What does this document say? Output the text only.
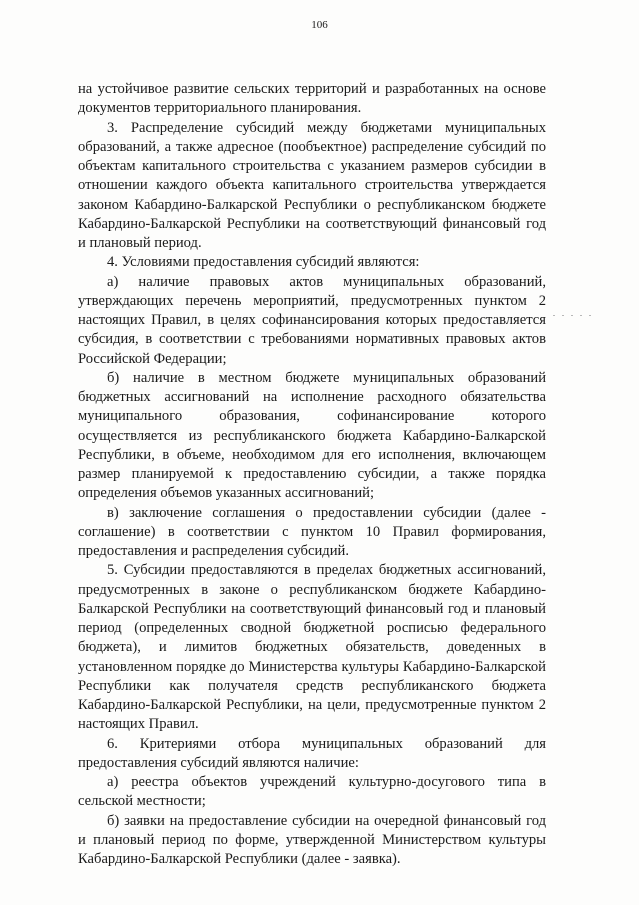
106

на устойчивое развитие сельских территорий и разработанных на основе документов территориального планирования.

3. Распределение субсидий между бюджетами муниципальных образований, а также адресное (пообъектное) распределение субсидий по объектам капитального строительства с указанием размеров субсидии в отношении каждого объекта капитального строительства утверждается законом Кабардино-Балкарской Республики о республиканском бюджете Кабардино-Балкарской Республики на соответствующий финансовый год и плановый период.

4. Условиями предоставления субсидий являются:

а) наличие правовых актов муниципальных образований, утверждающих перечень мероприятий, предусмотренных пунктом 2 настоящих Правил, в целях софинансирования которых предоставляется субсидия, в соответствии с требованиями нормативных правовых актов Российской Федерации;

б) наличие в местном бюджете муниципальных образований бюджетных ассигнований на исполнение расходного обязательства муниципального образования, софинансирование которого осуществляется из республиканского бюджета Кабардино-Балкарской Республики, в объеме, необходимом для его исполнения, включающем размер планируемой к предоставлению субсидии, а также порядка определения объемов указанных ассигнований;

в) заключение соглашения о предоставлении субсидии (далее - соглашение) в соответствии с пунктом 10 Правил формирования, предоставления и распределения субсидий.

5. Субсидии предоставляются в пределах бюджетных ассигнований, предусмотренных в законе о республиканском бюджете Кабардино-Балкарской Республики на соответствующий финансовый год и плановый период (определенных сводной бюджетной росписью федерального бюджета), и лимитов бюджетных обязательств, доведенных в установленном порядке до Министерства культуры Кабардино-Балкарской Республики как получателя средств республиканского бюджета Кабардино-Балкарской Республики, на цели, предусмотренные пунктом 2 настоящих Правил.

6. Критериями отбора муниципальных образований для предоставления субсидий являются наличие:

а) реестра объектов учреждений культурно-досугового типа в сельской местности;

б) заявки на предоставление субсидии на очередной финансовый год и плановый период по форме, утвержденной Министерством культуры Кабардино-Балкарской Республики (далее - заявка).
